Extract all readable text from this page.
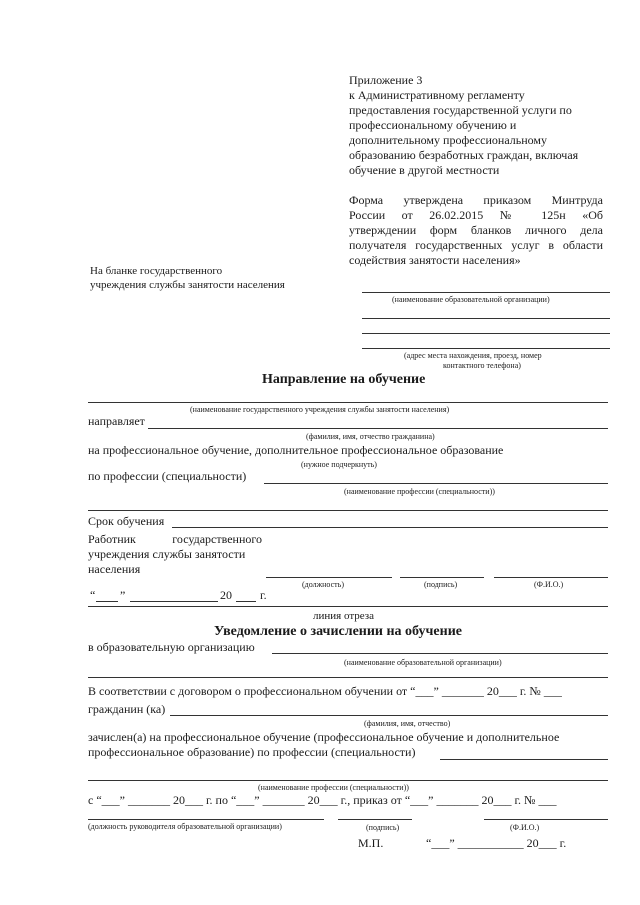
Приложение 3
к Административному регламенту
предоставления государственной услуги по
профессиональному обучению и
дополнительному профессиональному
образованию безработных граждан, включая
обучение в другой местности
Форма утверждена приказом Минтруда
России от 26.02.2015 № 125н «Об
утверждении форм бланков личного дела
получателя государственных услуг в области
содействия занятости населения»
На бланке государственного
учреждения службы занятости населения
(наименование образовательной организации)
(адрес места нахождения, проезд, номер
контактного телефона)
Направление на обучение
(наименование государственного учреждения службы занятости населения)
направляет
(фамилия, имя, отчество гражданина)
на профессиональное обучение, дополнительное профессиональное образование
(нужное подчеркнуть)
по профессии (специальности)
(наименование профессии (специальности))
Срок обучения
Работник государственного
учреждения службы занятости
населения
(должность)	(подпись)	(Ф.И.О.)
“ ”	20 г.
линия отреза
Уведомление о зачислении на обучение
в образовательную организацию
(наименование образовательной организации)
В соответствии с договором о профессиональном обучении от “___” _______ 20___ г. № ___
гражданин (ка)
(фамилия, имя, отчество)
зачислен(а) на профессиональное обучение (профессиональное обучение и дополнительное
профессиональное образование) по профессии (специальности)
(наименование профессии (специальности))
с “___” _______ 20___ г. по “___” _______ 20___ г., приказ от “___” _______ 20___ г. № ___
(должность руководителя образовательной организации)	(подпись)	(Ф.И.О.)
М.П.	“___” ___________ 20___ г.
